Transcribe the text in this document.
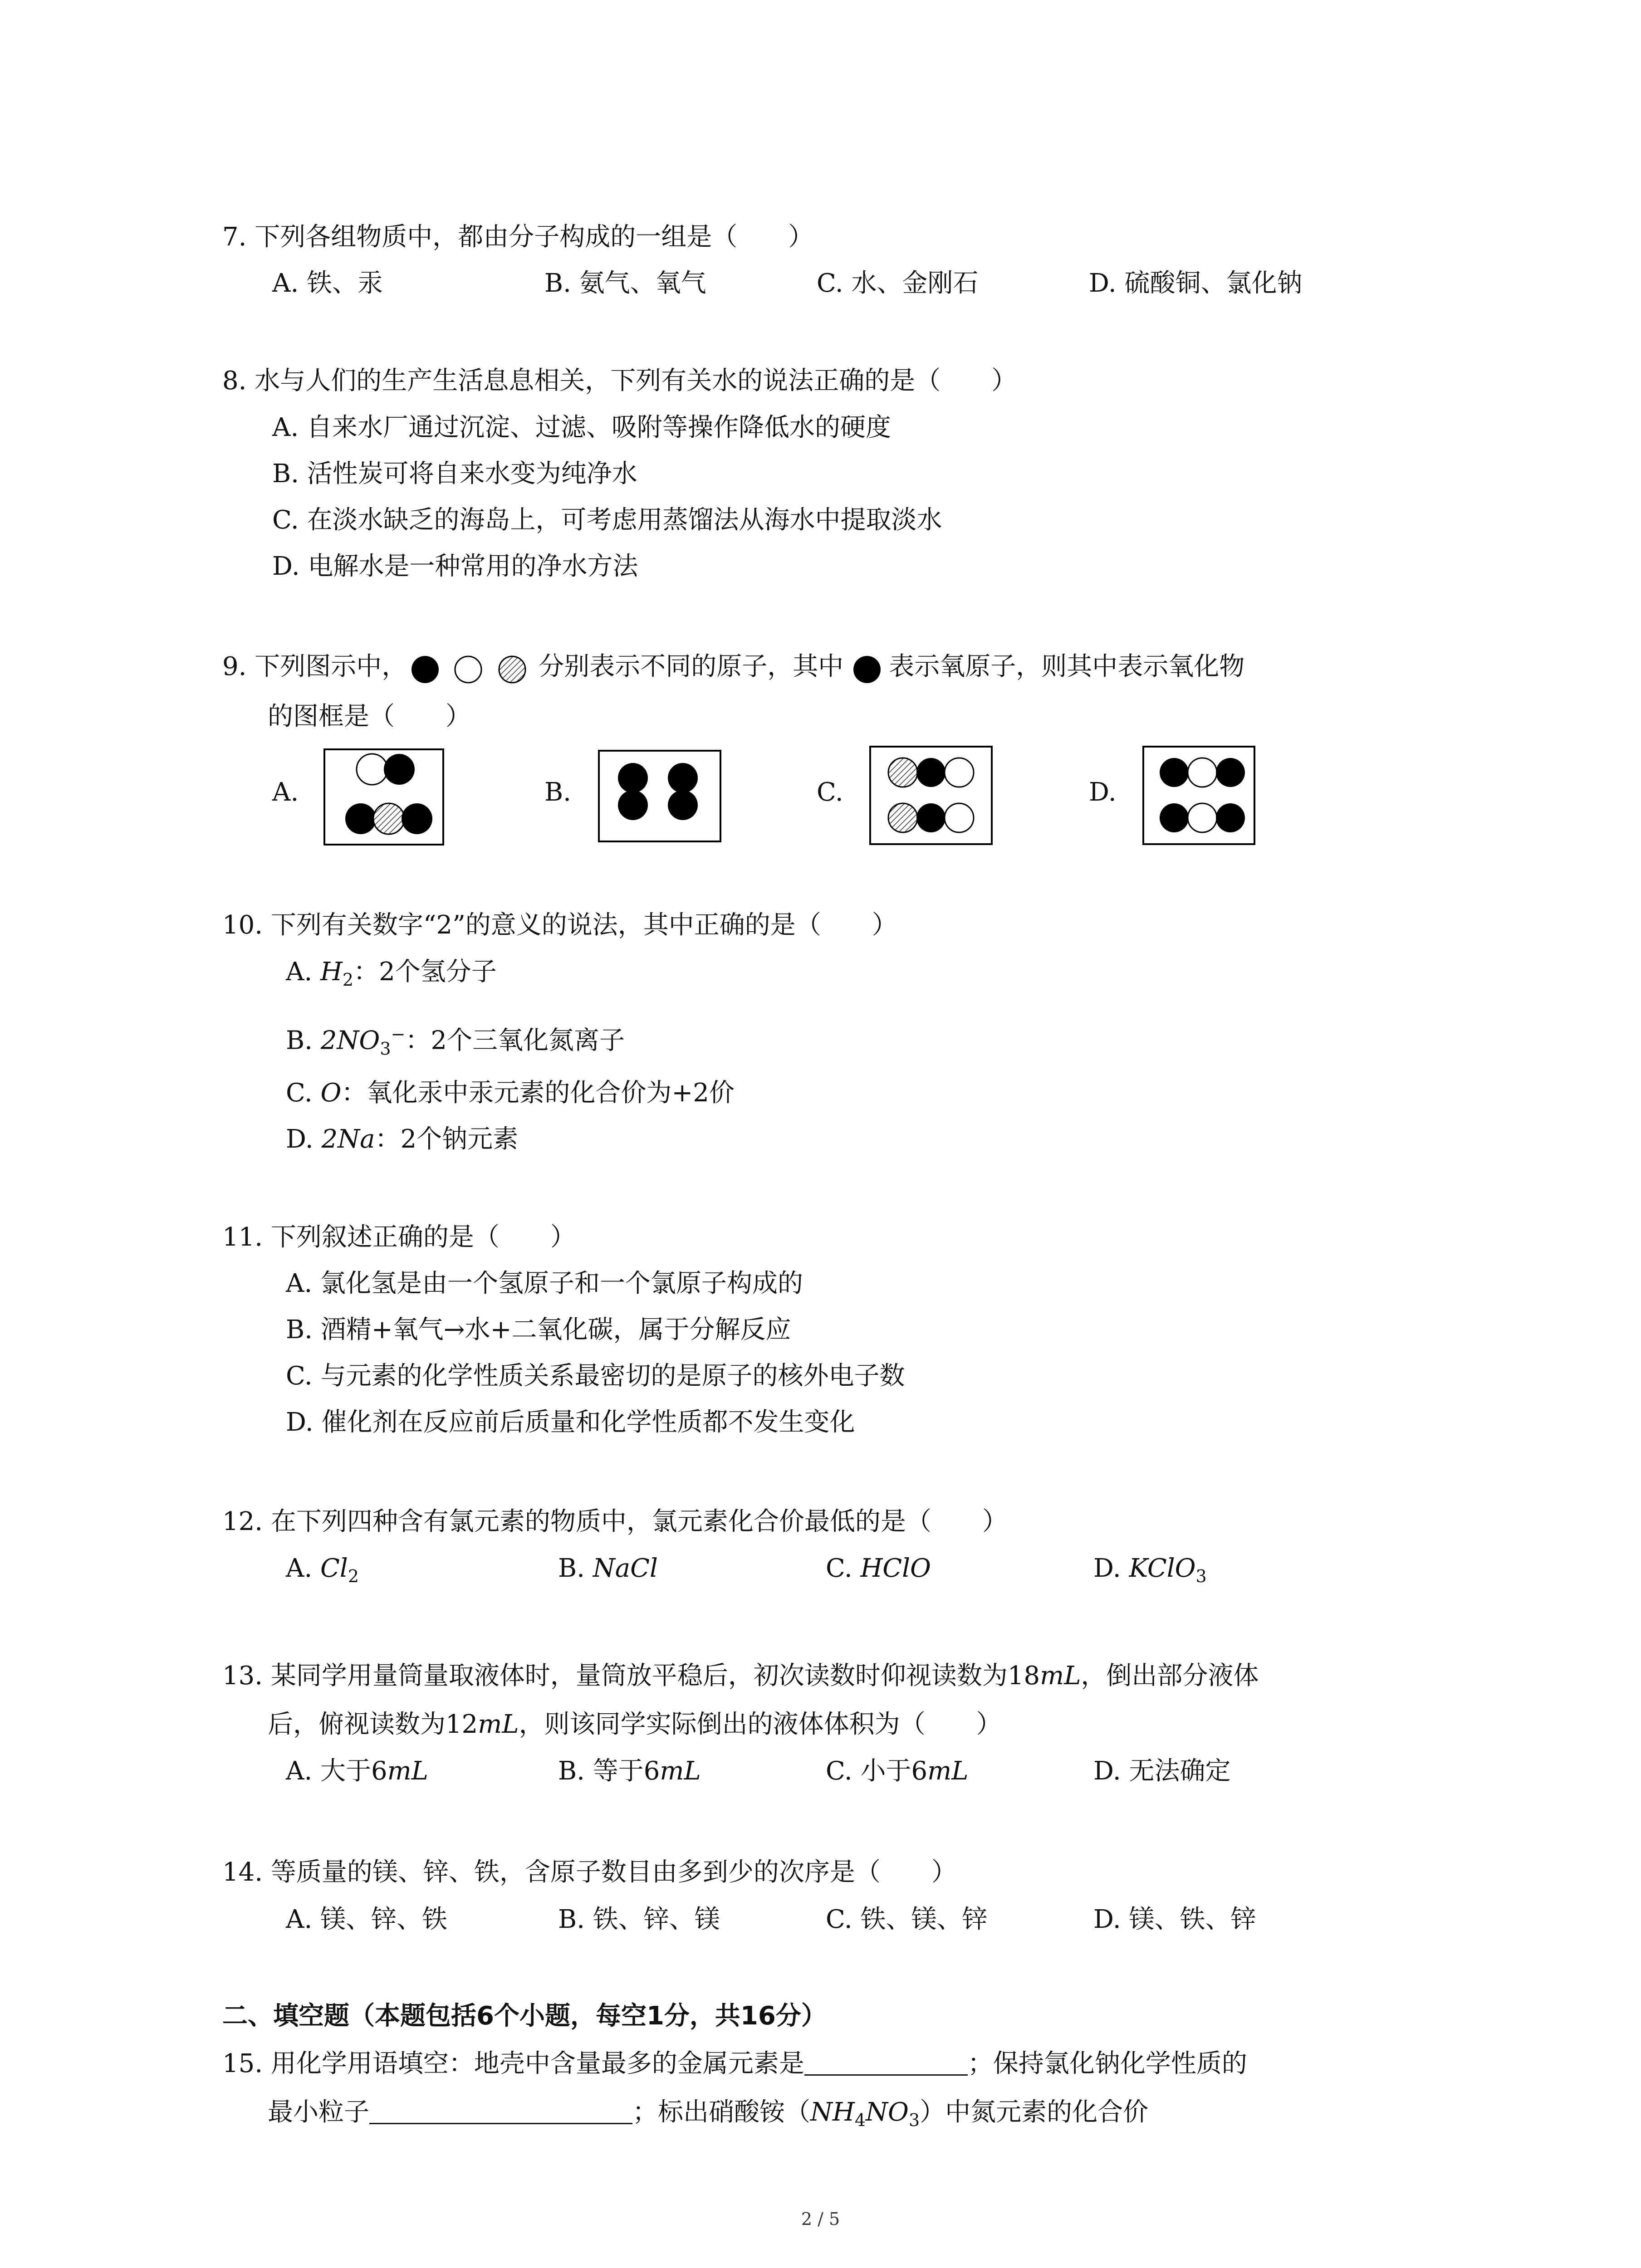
7. 下列各组物质中，都由分子构成的一组是（　　）
A. 铁、汞	B. 氨气、氧气	C. 水、金刚石	D. 硫酸铜、氯化钠
8. 水与人们的生产生活息息相关，下列有关水的说法正确的是（　　）
A. 自来水厂通过沉淀、过滤、吸附等操作降低水的硬度
B. 活性炭可将自来水变为纯净水
C. 在淡水缺乏的海岛上，可考虑用蒸馏法从海水中提取淡水
D. 电解水是一种常用的净水方法
9. 下列图示中，	分别表示不同的原子，其中 表示氧原子，则其中表示氧化物
的图框是（　　）
A.	B.	C.	D.
10. 下列有关数字“2”的意义的说法，其中正确的是（　　）
A. $H_2$：2个氢分子
B. $2NO_3^-$：2个三氧化氮离子
C. O：氧化汞中汞元素的化合价为+2价
D. 2Na：2个钠元素
11. 下列叙述正确的是（　　）
A. 氯化氢是由一个氢原子和一个氯原子构成的
B. 酒精+氧气→水+二氧化碳，属于分解反应
C. 与元素的化学性质关系最密切的是原子的核外电子数
D. 催化剂在反应前后质量和化学性质都不发生变化
12. 在下列四种含有氯元素的物质中，氯元素化合价最低的是（　　）
A. $Cl_2$	B. NaCl	C. HClO	D. KClO$_3$
13. 某同学用量筒量取液体时，量筒放平稳后，初次读数时仰视读数为18mL，倒出部分液体
后，俯视读数为12mL，则该同学实际倒出的液体体积为（　　）
A. 大于6mL	B. 等于6mL	C. 小于6mL	D. 无法确定
14. 等质量的镁、锌、铁，含原子数目由多到少的次序是（　　）
A. 镁、锌、铁	B. 铁、锌、镁	C. 铁、镁、锌	D. 镁、铁、锌
二、填空题（本题包括6个小题，每空1分，共16分）
15. 用化学用语填空：地壳中含量最多的金属元素是	；保持氯化钠化学性质的
最小粒子	；标出硝酸铵$(NH_4NO_3)$中氮元素的化合价
2 / 5
